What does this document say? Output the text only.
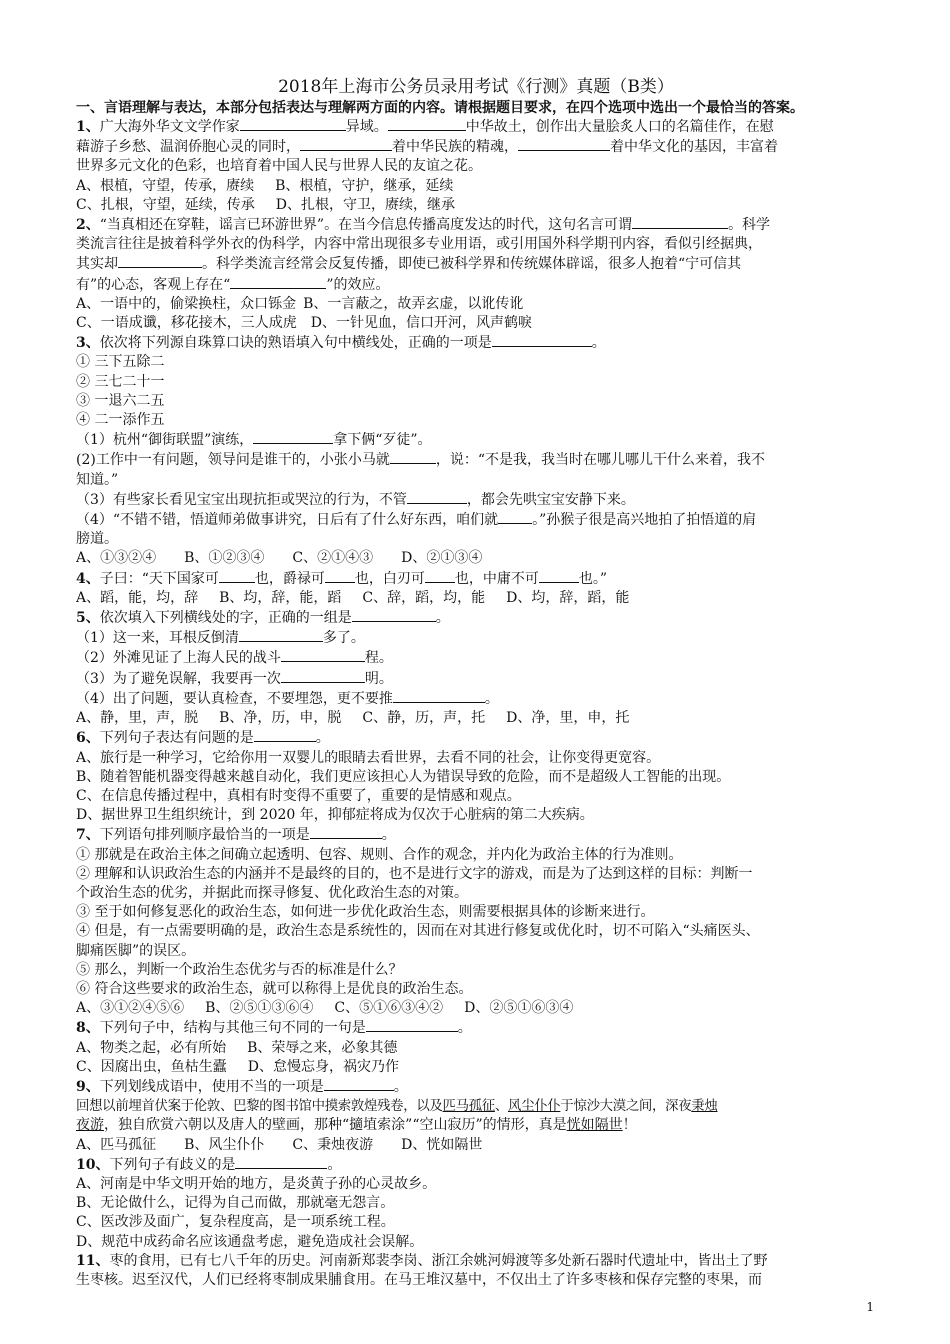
2018年上海市公务员录用考试《行测》真题（B类）

一、言语理解与表达，本部分包括表达与理解两方面的内容。请根据题目要求，在四个选项中选出一个最恰当的答案。

1、广大海外华文文学作家	异域。	中华故土，创作出大量脍炙人口的名篇佳作，在慰

藉游子乡愁、温润侨胞心灵的同时，	着中华民族的精魂，	着中华文化的基因，丰富着

世界多元文化的色彩，也培育着中国人民与世界人民的友谊之花。

A、根植，守望，传承，赓续   B、根植，守护，继承，延续

C、扎根，守望，延续，传承   D、扎根，守卫，赓续，继承

2、“当真相还在穿鞋，谣言已环游世界”。在当今信息传播高度发达的时代，这句名言可谓	。科学

类流言往往是披着科学外衣的伪科学，内容中常出现很多专业用语，或引用国外科学期刊内容，看似引经据典，

其实却	。科学类流言经常会反复传播，即使已被科学界和传统媒体辟谣，很多人抱着“宁可信其

有”的心态，客观上存在“	”的效应。

A、一语中的，偷梁换柱，众口铄金  B、一言蔽之，故弄玄虚，以讹传讹

C、一语成谶，移花接木，三人成虎  D、一针见血，信口开河，风声鹤唳

3、依次将下列源自珠算口诀的熟语填入句中横线处，正确的一项是	。

① 三下五除二

② 三七二十一

③ 一退六二五

④ 二一添作五

（1）杭州“御街联盟”演练，	拿下俩“歹徒”。

(2)工作中一有问题，领导问是谁干的，小张小马就	，说：“不是我，我当时在哪儿哪儿干什么来着，我不

知道。”

（3）有些家长看见宝宝出现抗拒或哭泣的行为，不管	，都会先哄宝宝安静下来。

（4）“不错不错，悟道师弟做事讲究，日后有了什么好东西，咱们就 。”孙猴子很是高兴地拍了拍悟道的肩

膀道。

A、①③②④   B、①②③④   C、②①④③   D、②①③④

4、子曰：“天下国家可	也，爵禄可 也，白刃可 也，中庸不可	也。”

A、蹈，能，均，辞   B、均，辞，能，蹈   C、辞，蹈，均，能   D、均，辞，蹈，能

5、依次填入下列横线处的字，正确的一组是	。

（1）这一来，耳根反倒清	多了。

（2）外滩见证了上海人民的战斗	程。

（3）为了避免误解，我要再一次	明。

（4）出了问题，要认真检查，不要埋怨，更不要推	。

A、静，里，声，脱   B、净，历，申，脱   C、静，历，声，托   D、净，里，申，托

6、下列句子表达有问题的是	。

A、旅行是一种学习，它给你用一双婴儿的眼睛去看世界，去看不同的社会，让你变得更宽容。

B、随着智能机器变得越来越自动化，我们更应该担心人为错误导致的危险，而不是超级人工智能的出现。

C、在信息传播过程中，真相有时变得不重要了，重要的是情感和观点。

D、据世界卫生组织统计，到 2020 年，抑郁症将成为仅次于心脏病的第二大疾病。

7、下列语句排列顺序最恰当的一项是	。

① 那就是在政治主体之间确立起透明、包容、规则、合作的观念，并内化为政治主体的行为准则。

② 理解和认识政治生态的内涵并不是最终的目的，也不是进行文字的游戏，而是为了达到这样的目标：判断一

个政治生态的优劣，并据此而探寻修复、优化政治生态的对策。

③ 至于如何修复恶化的政治生态，如何进一步优化政治生态，则需要根据具体的诊断来进行。

④ 但是，有一点需要明确的是，政治生态是系统性的，因而在对其进行修复或优化时，切不可陷入“头痛医头、

脚痛医脚”的误区。

⑤ 那么，判断一个政治生态优劣与否的标准是什么？

⑥ 符合这些要求的政治生态，就可以称得上是优良的政治生态。

A、③①②④⑤⑥   B、②⑤①③⑥④   C、⑤①⑥③④②   D、②⑤①⑥③④

8、下列句子中，结构与其他三句不同的一句是	。

A、物类之起，必有所始   B、荣辱之来，必象其德

C、因腐出虫，鱼枯生蠹   D、怠慢忘身，祸灾乃作

9、下列划线成语中，使用不当的一项是	。

回想以前埋首伏案于伦敦、巴黎的图书馆中摸索敦煌残卷，以及匹马孤征、风尘仆仆于惊沙大漠之间，深夜秉烛

夜游，独自欣赏六朝以及唐人的壁画，那种“擿埴索涂”“空山寂历”的情形，真是恍如隔世！

A、匹马孤征   B、风尘仆仆   C、秉烛夜游   D、恍如隔世

10、下列句子有歧义的是	。

A、河南是中华文明开始的地方，是炎黄子孙的心灵故乡。

B、无论做什么，记得为自己而做，那就毫无怨言。

C、医改涉及面广，复杂程度高，是一项系统工程。

D、规范中成药命名应该通盘考虑，避免造成社会误解。

11、枣的食用，已有七八千年的历史。河南新郑裴李岗、浙江余姚河姆渡等多处新石器时代遗址中，皆出土了野

生枣核。迟至汉代，人们已经将枣制成果脯食用。在马王堆汉墓中，不仅出土了许多枣核和保存完整的枣果，而

1
